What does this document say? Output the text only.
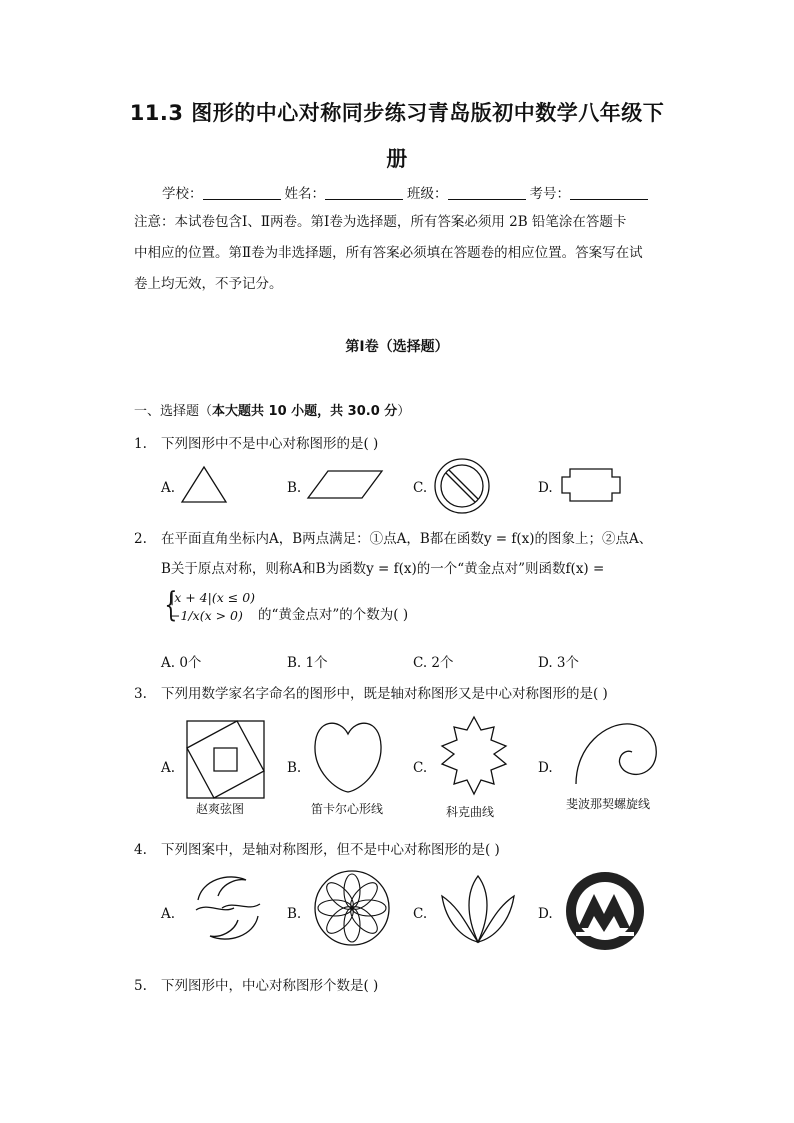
11.3 图形的中心对称同步练习青岛版初中数学八年级下
册
学校：	姓名：	班级：	考号：
注意：本试卷包含Ⅰ、Ⅱ两卷。第Ⅰ卷为选择题，所有答案必须用 2B 铅笔涂在答题卡
中相应的位置。第Ⅱ卷为非选择题，所有答案必须填在答题卷的相应位置。答案写在试
卷上均无效，不予记分。
第Ⅰ卷（选择题）
一、选择题（本大题共 10 小题，共 30.0 分）
1. 下列图形中不是中心对称图形的是( )
A.	B.	C.	D.
2. 在平面直角坐标内A，B两点满足：①点A，B都在函数y = f(x)的图象上；②点A、
B关于原点对称，则称A和B为函数y = f(x)的一个“黄金点对”则函数f(x) =
{
|x + 4|(x ≤ 0)
−1/x(x > 0) 的“黄金点对”的个数为( )
A. 0个	B. 1个	C. 2个	D. 3个
3. 下列用数学家名字命名的图形中，既是轴对称图形又是中心对称图形的是( )
A.
赵爽弦图
B.
笛卡尔心形线
C.
科克曲线
D.
斐波那契螺旋线
4. 下列图案中，是轴对称图形，但不是中心对称图形的是( )
A.	B.	C.	D.
5. 下列图形中，中心对称图形个数是( )
